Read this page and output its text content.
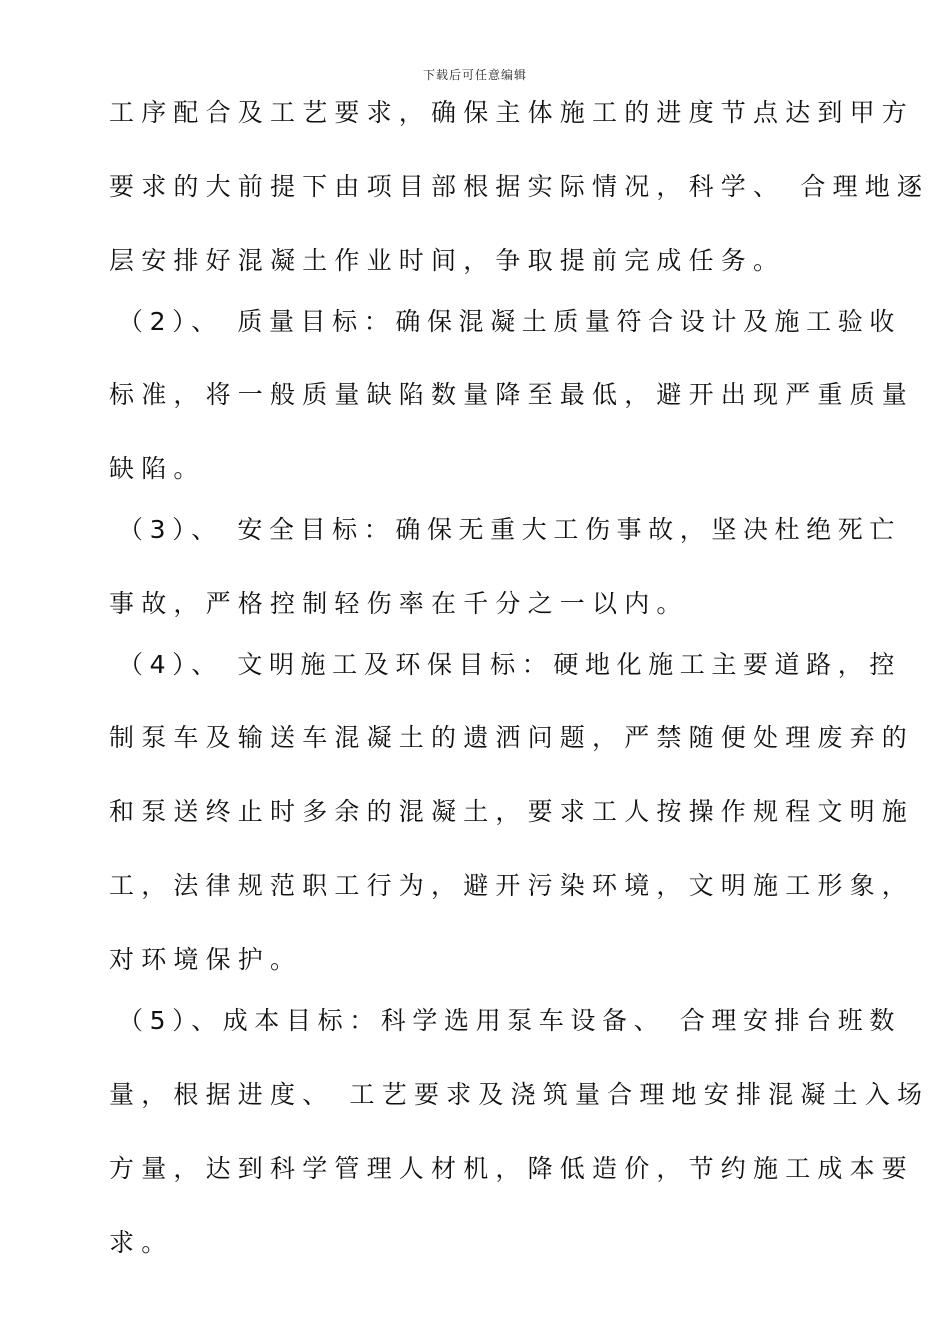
下载后可任意编辑
工序配合及工艺要求，确保主体施工的进度节点达到甲方
要求的大前提下由项目部根据实际情况，科学、 合理地逐
层安排好混凝土作业时间，争取提前完成任务。
（2）、 质量目标：确保混凝土质量符合设计及施工验收
标准，将一般质量缺陷数量降至最低，避开出现严重质量
缺陷。
（3）、 安全目标：确保无重大工伤事故，坚决杜绝死亡
事故，严格控制轻伤率在千分之一以内。
（4）、 文明施工及环保目标：硬地化施工主要道路，控
制泵车及输送车混凝土的遗洒问题，严禁随便处理废弃的
和泵送终止时多余的混凝土，要求工人按操作规程文明施
工，法律规范职工行为，避开污染环境，文明施工形象，
对环境保护。
（5）、成本目标：科学选用泵车设备、 合理安排台班数
量，根据进度、 工艺要求及浇筑量合理地安排混凝土入场
方量，达到科学管理人材机，降低造价，节约施工成本要
求。
